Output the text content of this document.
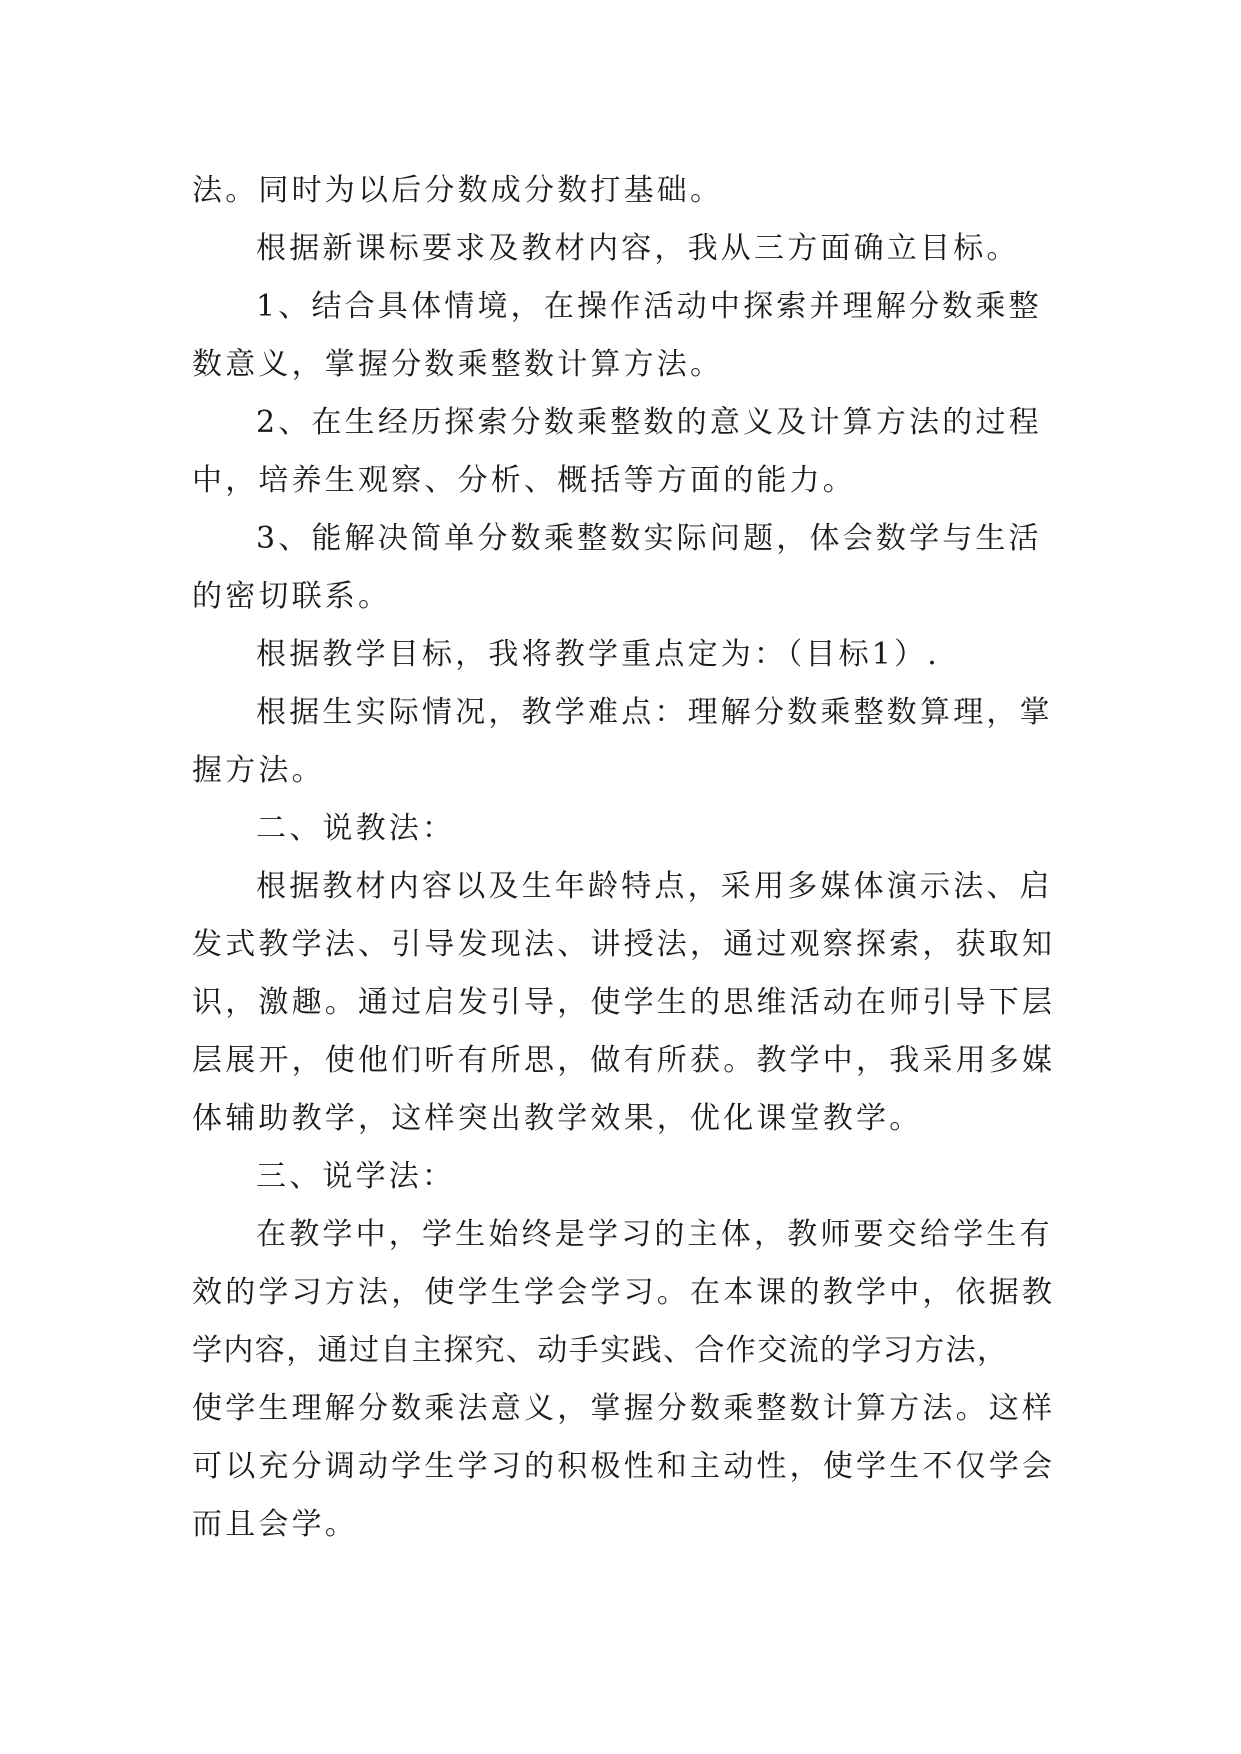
法。同时为以后分数成分数打基础。
根据新课标要求及教材内容，我从三方面确立目标。
1、结合具体情境，在操作活动中探索并理解分数乘整
数意义，掌握分数乘整数计算方法。
2、在生经历探索分数乘整数的意义及计算方法的过程
中，培养生观察、分析、概括等方面的能力。
3、能解决简单分数乘整数实际问题，体会数学与生活
的密切联系。
根据教学目标，我将教学重点定为：（目标1）.
根据生实际情况，教学难点：理解分数乘整数算理，掌
握方法。
二、说教法：
根据教材内容以及生年龄特点，采用多媒体演示法、启
发式教学法、引导发现法、讲授法，通过观察探索，获取知
识，激趣。通过启发引导，使学生的思维活动在师引导下层
层展开，使他们听有所思，做有所获。教学中，我采用多媒
体辅助教学，这样突出教学效果，优化课堂教学。
三、说学法：
在教学中，学生始终是学习的主体，教师要交给学生有
效的学习方法，使学生学会学习。在本课的教学中，依据教
学内容，通过自主探究、动手实践、合作交流的学习方法，
使学生理解分数乘法意义，掌握分数乘整数计算方法。这样
可以充分调动学生学习的积极性和主动性，使学生不仅学会
而且会学。
